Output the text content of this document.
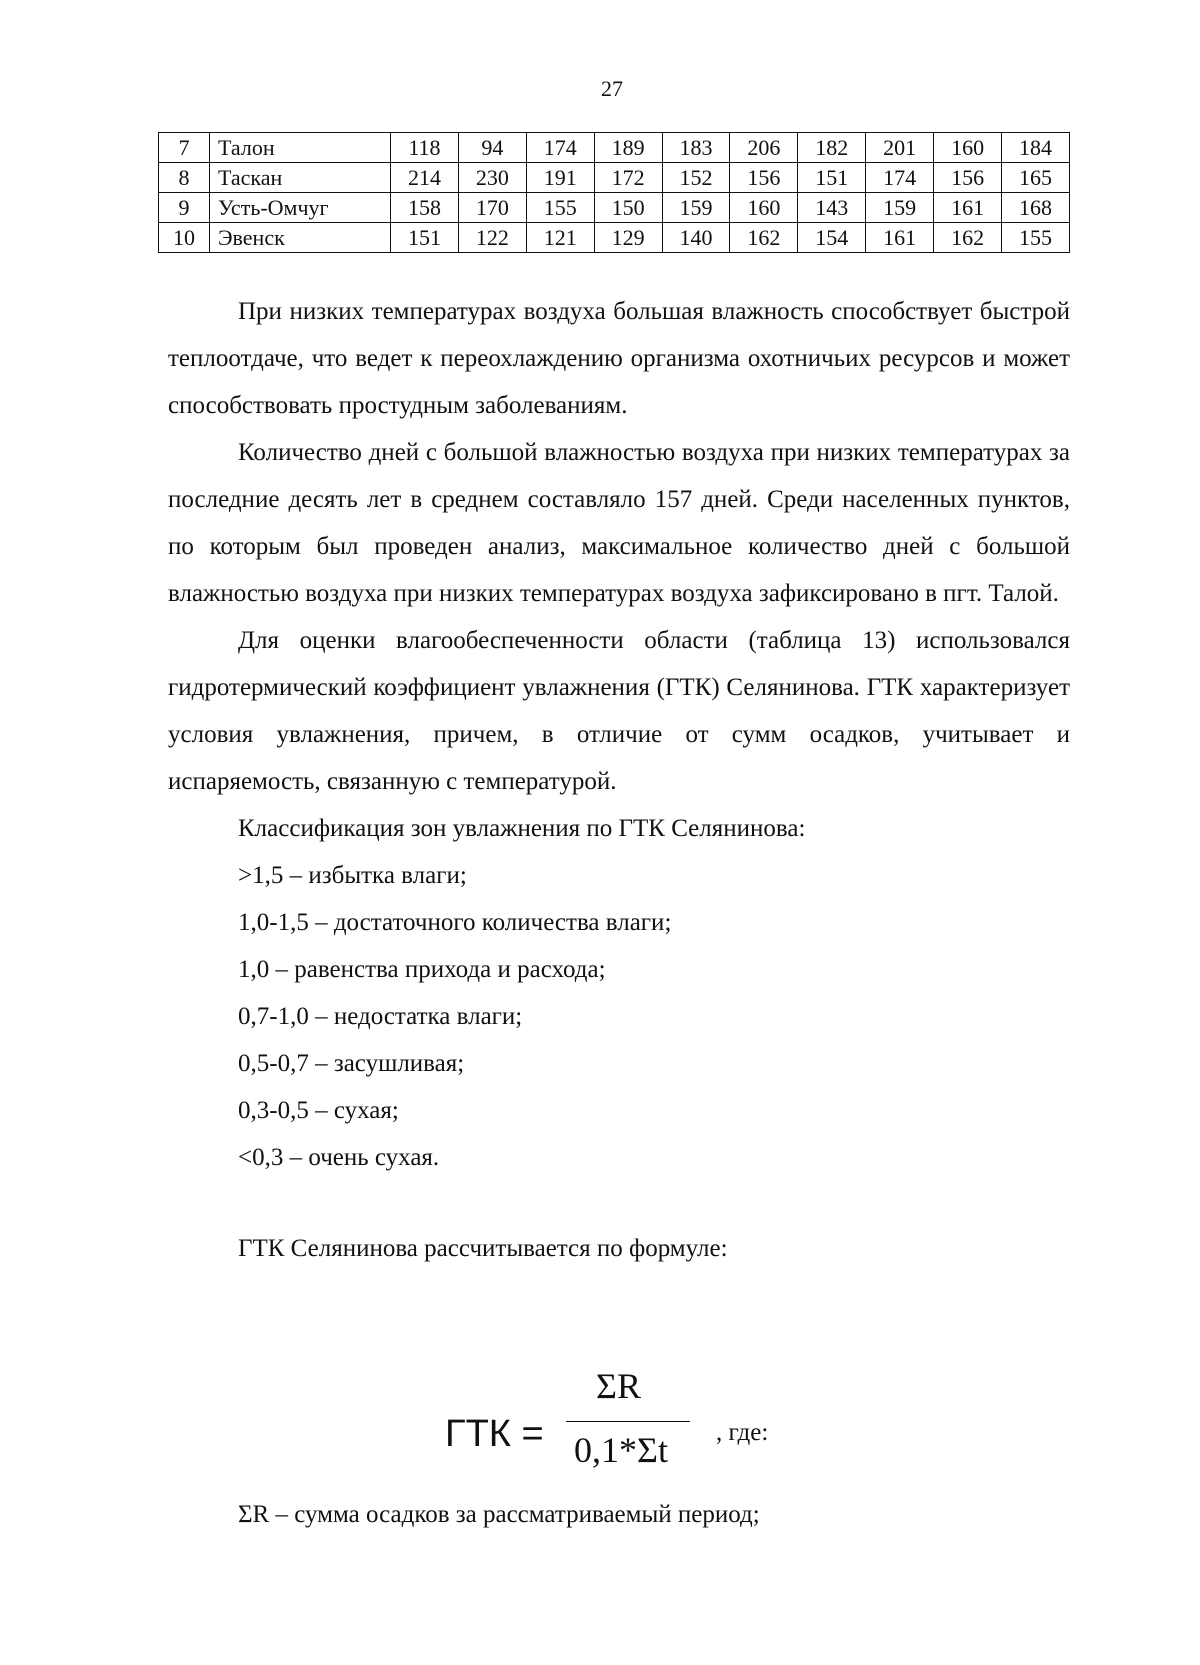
27
7	Талон	118	94	174	189	183	206	182	201	160	184
8	Таскан	214	230	191	172	152	156	151	174	156	165
9	Усть-Омчуг	158	170	155	150	159	160	143	159	161	168
10	Эвенск	151	122	121	129	140	162	154	161	162	155

При низких температурах воздуха большая влажность способствует быстрой теплоотдаче, что ведет к переохлаждению организма охотничьих ресурсов и может способствовать простудным заболеваниям.

Количество дней с большой влажностью воздуха при низких температурах за последние десять лет в среднем составляло 157 дней. Среди населенных пунктов, по которым был проведен анализ, максимальное количество дней с большой влажностью воздуха при низких температурах воздуха зафиксировано в пгт. Талой.

Для оценки влагообеспеченности области (таблица 13) использовался гидротермический коэффициент увлажнения (ГТК) Селянинова. ГТК характеризует условия увлажнения, причем, в отличие от сумм осадков, учитывает и испаряемость, связанную с температурой.

Классификация зон увлажнения по ГТК Селянинова:

>1,5 – избытка влаги;

1,0-1,5 – достаточного количества влаги;

1,0 – равенства прихода и расхода;

0,7-1,0 – недостатка влаги;

0,5-0,7 – засушливая;

0,3-0,5 – сухая;

<0,3 – очень сухая.

ГТК Селянинова рассчитывается по формуле:

ГТК =
ΣR
0,1*Σt , где:
ΣR – сумма осадков за рассматриваемый период;
